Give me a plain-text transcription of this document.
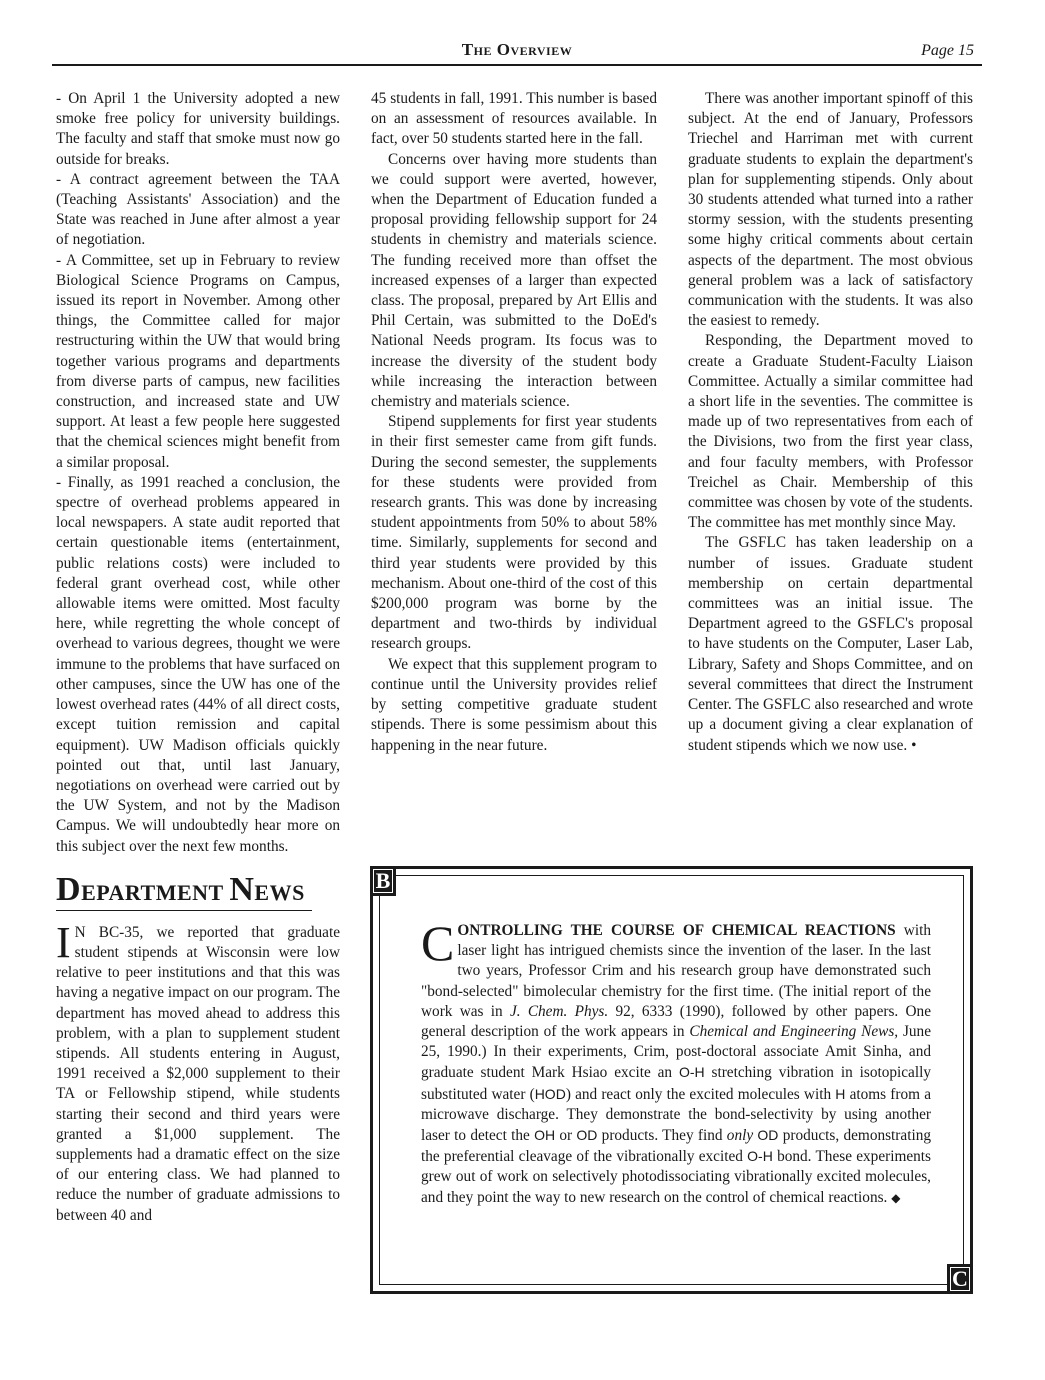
The Overview	Page 15

- On April 1 the University adopted a new smoke free policy for university buildings. The faculty and staff that smoke must now go outside for breaks.

- A contract agreement between the TAA (Teaching Assistants' Association) and the State was reached in June after almost a year of negotiation.

- A Committee, set up in February to review Biological Science Programs on Campus, issued its report in November. Among other things, the Committee called for major restructuring within the UW that would bring together various programs and departments from diverse parts of campus, new facilities construction, and increased state and UW support. At least a few people here suggested that the chemical sciences might benefit from a similar proposal.

- Finally, as 1991 reached a conclusion, the spectre of overhead problems appeared in local newspapers. A state audit reported that certain questionable items (entertainment, public relations costs) were included to federal grant overhead cost, while other allowable items were omitted. Most faculty here, while regretting the whole concept of overhead to various degrees, thought we were immune to the problems that have surfaced on other campuses, since the UW has one of the lowest overhead rates (44% of all direct costs, except tuition remission and capital equipment). UW Madison officials quickly pointed out that, until last January, negotiations on overhead were carried out by the UW System, and not by the Madison Campus. We will undoubtedly hear more on this subject over the next few months.

DEPARTMENT NEWS

I N BC-35, we reported that graduate student stipends at Wisconsin were low relative to peer institutions and that this was having a negative impact on our program. The department has moved ahead to address this problem, with a plan to supplement student stipends. All students entering in August, 1991 received a $2,000 supplement to their TA or Fellowship stipend, while students starting their second and third years were granted a $1,000 supplement. The supplements had a dramatic effect on the size of our entering class. We had planned to reduce the number of graduate admissions to between 40 and

45 students in fall, 1991. This number is based on an assessment of resources available. In fact, over 50 students started here in the fall.

Concerns over having more students than we could support were averted, however, when the Department of Education funded a proposal providing fellowship support for 24 students in chemistry and materials science. The funding received more than offset the increased expenses of a larger than expected class. The proposal, prepared by Art Ellis and Phil Certain, was submitted to the DoEd's National Needs program. Its focus was to increase the diversity of the student body while increasing the interaction between chemistry and materials science.

Stipend supplements for first year students in their first semester came from gift funds. During the second semester, the supplements for these students were provided from research grants. This was done by increasing student appointments from 50% to about 58% time. Similarly, supplements for second and third year students were provided by this mechanism. About one-third of the cost of this $200,000 program was borne by the department and two-thirds by individual research groups.

We expect that this supplement program to continue until the University provides relief by setting competitive graduate student stipends. There is some pessimism about this happening in the near future.

There was another important spinoff of this subject. At the end of January, Professors Triechel and Harriman met with current graduate students to explain the department's plan for supplementing stipends. Only about 30 students attended what turned into a rather stormy session, with the students presenting some highy critical comments about certain aspects of the department. The most obvious general problem was a lack of satisfactory communication with the students. It was also the easiest to remedy.

Responding, the Department moved to create a Graduate Student-Faculty Liaison Committee. Actually a similar committee had a short life in the seventies. The committee is made up of two representatives from each of the Divisions, two from the first year class, and four faculty members, with Professor Treichel as Chair. Membership of this committee was chosen by vote of the students. The committee has met monthly since May.

The GSFLC has taken leadership on a number of issues. Graduate student membership on certain departmental committees was an initial issue. The Department agreed to the GSFLC's proposal to have students on the Computer, Laser Lab, Library, Safety and Shops Committee, and on several committees that direct the Instrument Center. The GSFLC also researched and wrote up a document giving a clear explanation of student stipends which we now use. •

CONTROLLING THE COURSE OF CHEMICAL REACTIONS with laser light has intrigued chemists since the invention of the laser. In the last two years, Professor Crim and his research group have demonstrated such "bond-selected" bimolecular chemistry for the first time. (The initial report of the work was in J. Chem. Phys. 92, 6333 (1990), followed by other papers. One general description of the work appears in Chemical and Engineering News, June 25, 1990.) In their experiments, Crim, post-doctoral associate Amit Sinha, and graduate student Mark Hsiao excite an O-H stretching vibration in isotopically substituted water (HOD) and react only the excited molecules with H atoms from a microwave discharge. They demonstrate the bond-selectivity by using another laser to detect the OH or OD products. They find only OD products, demonstrating the preferential cleavage of the vibrationally excited O-H bond. These experiments grew out of work on selectively photodissociating vibrationally excited molecules, and they point the way to new research on the control of chemical reactions. ◆
B
C
